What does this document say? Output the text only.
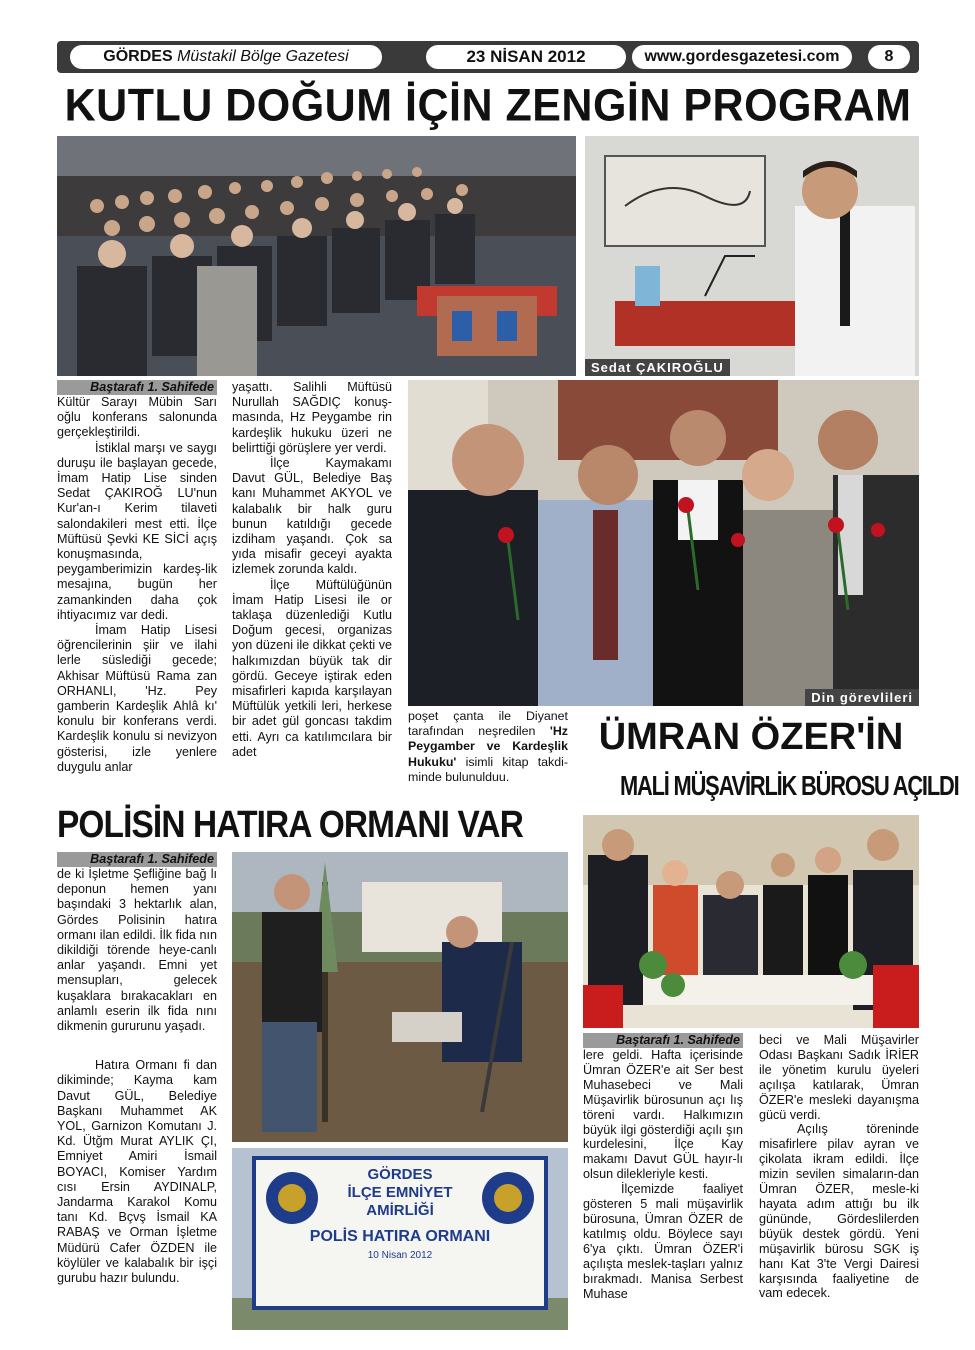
GÖRDES Müstakil Bölge Gazetesi	23 NİSAN 2012	www.gordesgazetesi.com	8
KUTLU DOĞUM İÇİN ZENGİN PROGRAM
Sedat ÇAKIROĞLU
Baştarafı 1. Sahifede

Kültür Sarayı Mübin Sarı oğlu konferans salonunda gerçekleştirildi.

İstiklal marşı ve saygı duruşu ile başlayan gecede, İmam Hatip Lise sinden Sedat ÇAKIROĞ LU'nun Kur'an-ı Kerim tilaveti salondakileri mest etti. İlçe Müftüsü Şevki KE SİCİ açış konuşmasında, peygamberimizin kardeş-lik mesajına, bugün her zamankinden daha çok ihtiyacımız var dedi.

İmam Hatip Lisesi öğrencilerinin şiir ve ilahi lerle süslediği gecede; Akhisar Müftüsü Rama zan ORHANLI, 'Hz. Pey gamberin Kardeşlik Ahlâ kı' konulu bir konferans verdi. Kardeşlik konulu si nevizyon gösterisi, izle yenlere duygulu anlar

yaşattı. Salihli Müftüsü Nurullah SAĞDIÇ konuş-masında, Hz Peygambe rin kardeşlik hukuku üzeri ne belirttiği görüşlere yer verdi.

İlçe Kaymakamı Davut GÜL, Belediye Baş kanı Muhammet AKYOL ve kalabalık bir halk guru bunun katıldığı gecede izdiham yaşandı. Çok sa yıda misafir geceyi ayakta izlemek zorunda kaldı.

İlçe Müftülüğünün İmam Hatip Lisesi ile or taklaşa düzenlediği Kutlu Doğum gecesi, organizas yon düzeni ile dikkat çekti ve halkımızdan büyük tak dir gördü. Geceye iştirak eden misafirleri kapıda karşılayan Müftülük yetkili leri, herkese bir adet gül goncası takdim etti. Ayrı ca katılımcılara bir adet

Din görevlileri

poşet çanta ile Diyanet tarafından neşredilen 'Hz Peygamber ve Kardeşlik Hukuku' isimli kitap takdi-minde bulunulduu.

ÜMRAN ÖZER'İN
MALİ MÜŞAVİRLİK BÜROSU AÇILDI
POLİSİN HATIRA ORMANI VAR
Baştarafı 1. Sahifede

de ki İşletme Şefliğine bağ lı deponun hemen yanı başındaki 3 hektarlık alan, Gördes Polisinin hatıra ormanı ilan edildi. İlk fida nın dikildiği törende heye-canlı anlar yaşandı. Emni yet mensupları, gelecek kuşaklara bırakacakları en anlamlı eserin ilk fida nını dikmenin gururunu yaşadı.

Hatıra Ormanı fi dan dikiminde; Kayma kam Davut GÜL, Belediye Başkanı Muhammet AK YOL, Garnizon Komutanı J. Kd. Ütğm Murat AYLIK ÇI, Emniyet Amiri İsmail BOYACI, Komiser Yardım cısı Ersin AYDINALP, Jandarma Karakol Komu tanı Kd. Bçvş İsmail KA RABAŞ ve Orman İşletme Müdürü Cafer ÖZDEN ile köylüler ve kalabalık bir işçi gurubu hazır bulundu.

GÖRDES
İLÇE EMNİYET
AMİRLİĞİ
POLİS HATIRA ORMANI
10 Nisan 2012
Baştarafı 1. Sahifede

lere geldi. Hafta içerisinde Ümran ÖZER'e ait Ser best Muhasebeci ve Mali Müşavirlik bürosunun açı lış töreni vardı. Halkımızın büyük ilgi gösterdiği açılı şın kurdelesini, İlçe Kay makamı Davut GÜL hayır-lı olsun dilekleriyle kesti.

İlçemizde faaliyet gösteren 5 mali müşavirlik bürosuna, Ümran ÖZER de katılmış oldu. Böylece sayı 6'ya çıktı. Ümran ÖZER'i açılışta meslek-taşları yalnız bırakmadı. Manisa Serbest Muhase

beci ve Mali Müşavirler Odası Başkanı Sadık İRİER ile yönetim kurulu üyeleri açılışa katılarak, Ümran ÖZER'e mesleki dayanışma gücü verdi.

Açılış töreninde misafirlere pilav ayran ve çikolata ikram edildi. İlçe mizin sevilen simaların-dan Ümran ÖZER, mesle-ki hayata adım attığı bu ilk gününde, Gördeslilerden büyük destek gördü. Yeni müşavirlik bürosu SGK iş hanı Kat 3'te Vergi Dairesi karşısında faaliyetine de vam edecek.
